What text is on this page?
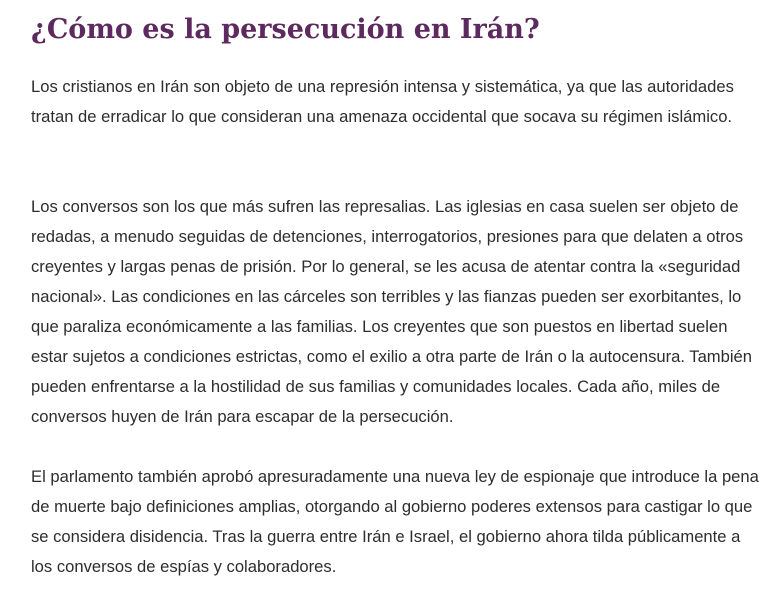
¿Cómo es la persecución en Irán?

Los cristianos en Irán son objeto de una represión intensa y sistemática, ya que las autoridades tratan de erradicar lo que consideran una amenaza occidental que socava su régimen islámico.

Los conversos son los que más sufren las represalias. Las iglesias en casa suelen ser objeto de redadas, a menudo seguidas de detenciones, interrogatorios, presiones para que delaten a otros creyentes y largas penas de prisión. Por lo general, se les acusa de atentar contra la «seguridad nacional». Las condiciones en las cárceles son terribles y las fianzas pueden ser exorbitantes, lo que paraliza económicamente a las familias. Los creyentes que son puestos en libertad suelen estar sujetos a condiciones estrictas, como el exilio a otra parte de Irán o la autocensura. También pueden enfrentarse a la hostilidad de sus familias y comunidades locales. Cada año, miles de conversos huyen de Irán para escapar de la persecución.

El parlamento también aprobó apresuradamente una nueva ley de espionaje que introduce la pena de muerte bajo definiciones amplias, otorgando al gobierno poderes extensos para castigar lo que se considera disidencia. Tras la guerra entre Irán e Israel, el gobierno ahora tilda públicamente a los conversos de espías y colaboradores.
